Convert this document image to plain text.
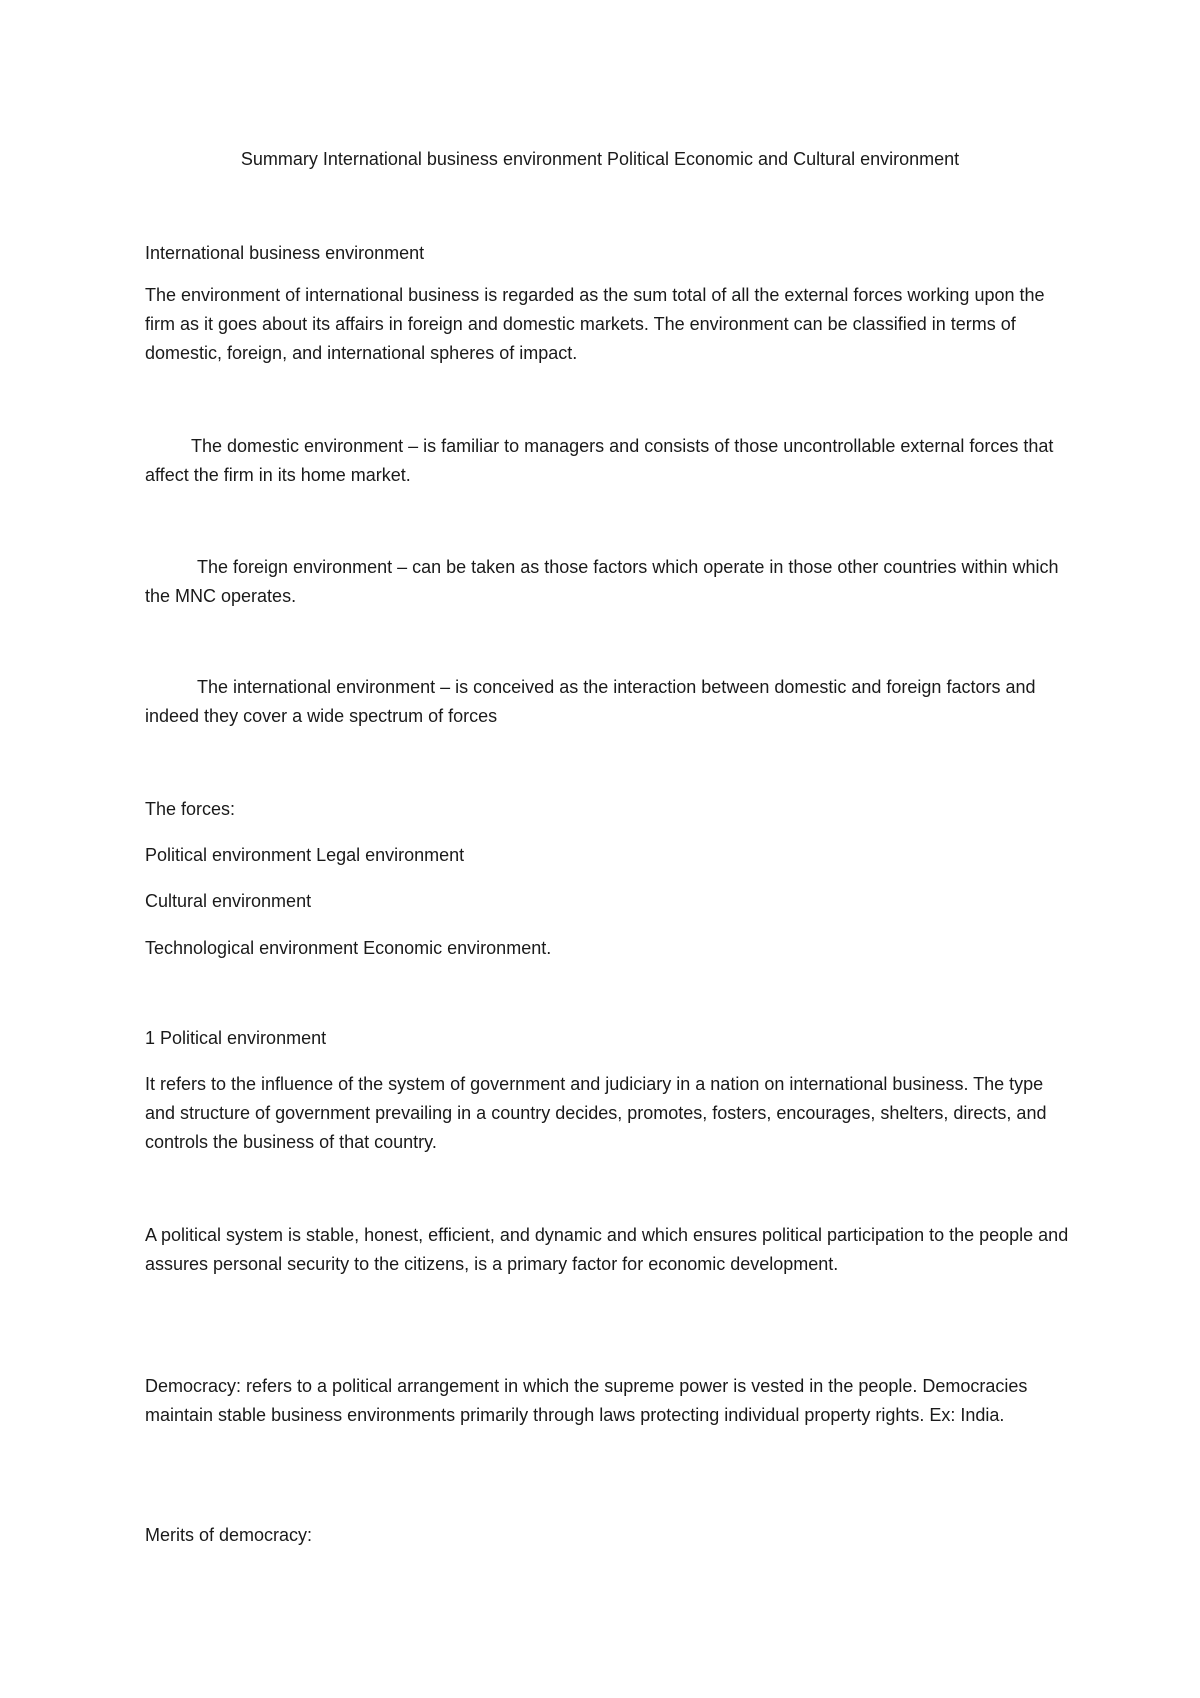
Summary International business environment Political Economic and Cultural environment

International business environment

The environment of international business is regarded as the sum total of all the external forces working upon the firm as it goes about its affairs in foreign and domestic markets. The environment can be classified in terms of domestic, foreign, and international spheres of impact.

The domestic environment – is familiar to managers and consists of those uncontrollable external forces that affect the firm in its home market.

The foreign environment – can be taken as those factors which operate in those other countries within which the MNC operates.

The international environment – is conceived as the interaction between domestic and foreign factors and indeed they cover a wide spectrum of forces

The forces:

Political environment Legal environment

Cultural environment

Technological environment Economic environment.

1 Political environment

It refers to the influence of the system of government and judiciary in a nation on international business. The type and structure of government prevailing in a country decides, promotes, fosters, encourages, shelters, directs, and controls the business of that country.

A political system is stable, honest, efficient, and dynamic and which ensures political participation to the people and assures personal security to the citizens, is a primary factor for economic development.

Democracy: refers to a political arrangement in which the supreme power is vested in the people. Democracies maintain stable business environments primarily through laws protecting individual property rights. Ex: India.

Merits of democracy:
